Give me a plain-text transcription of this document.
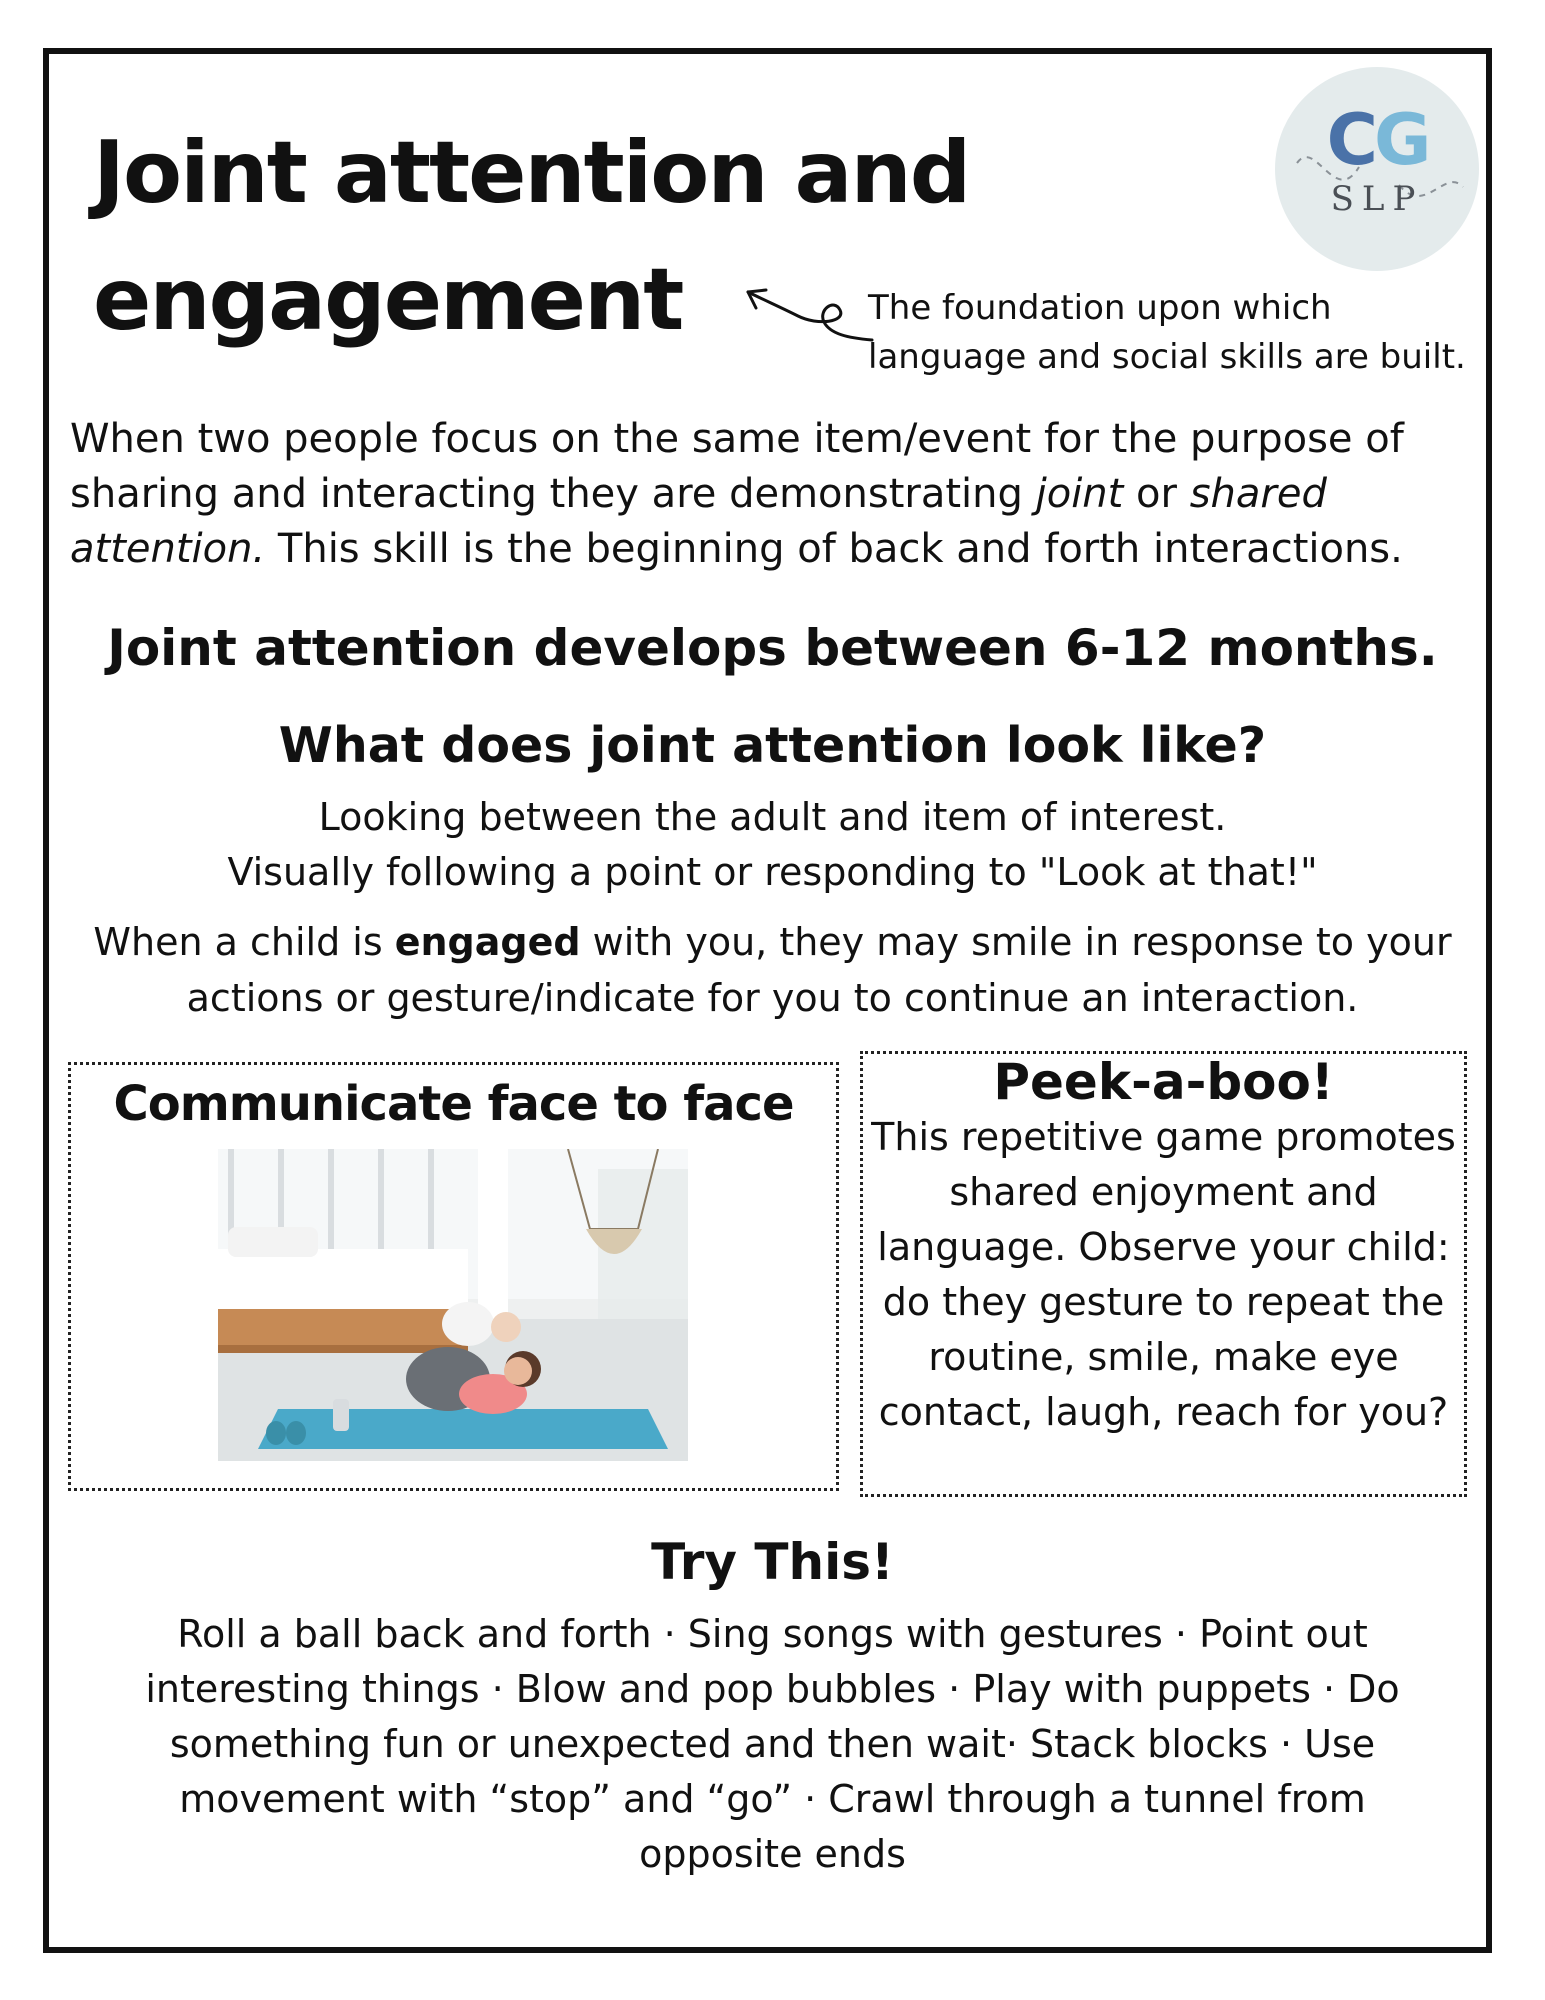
Joint attention and
engagement
CG
SLP
The foundation upon which
language and social skills are built.

When two people focus on the same item/event for the purpose of sharing and interacting they are demonstrating joint or shared attention. This skill is the beginning of back and forth interactions.

Joint attention develops between 6-12 months.
What does joint attention look like?
Looking between the adult and item of interest.
Visually following a point or responding to "Look at that!"

When a child is engaged with you, they may smile in response to your actions or gesture/indicate for you to continue an interaction.

Communicate face to face	Peek-a-boo!
This repetitive game promotes shared enjoyment and language. Observe your child: do they gesture to repeat the routine, smile, make eye contact, laugh, reach for you?
Try This!
Roll a ball back and forth · Sing songs with gestures · Point out interesting things · Blow and pop bubbles · Play with puppets · Do something fun or unexpected and then wait· Stack blocks · Use movement with “stop” and “go” · Crawl through a tunnel from opposite ends
